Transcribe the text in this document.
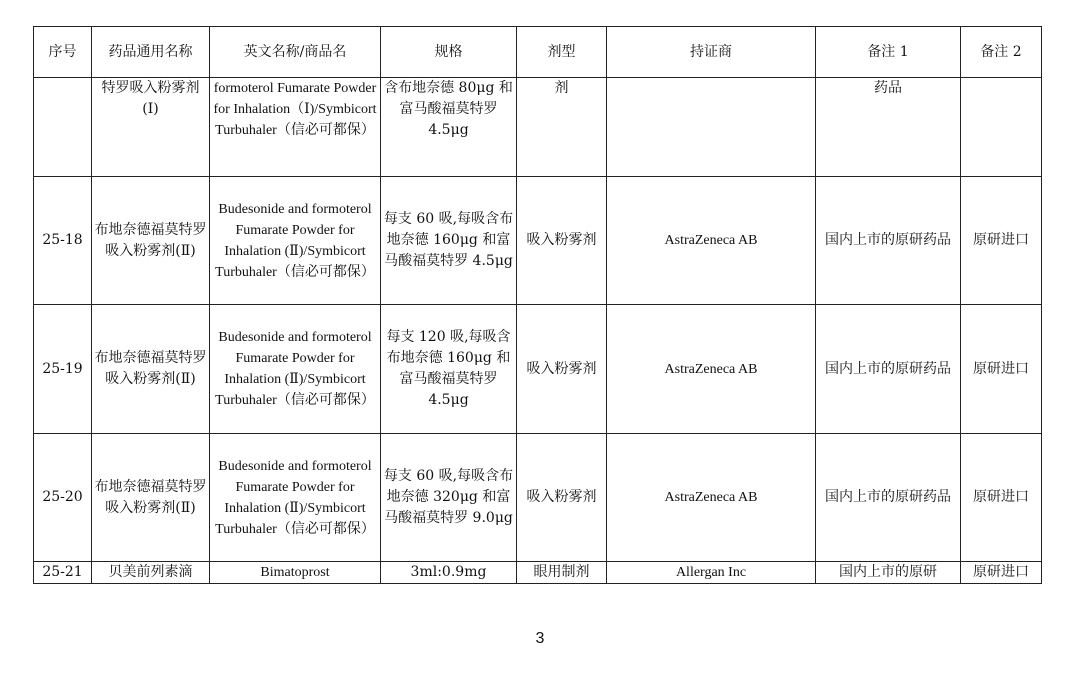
序号	药品通用名称	英文名称/商品名	规格	剂型	持证商	备注 1	备注 2
	特罗吸入粉雾剂(Ⅰ)	formoterol Fumarate Powder for Inhalation（Ⅰ)/Symbicort Turbuhaler（信必可都保）	含布地奈德 80μg 和富马酸福莫特罗 4.5μg	剂		药品	
25-18	布地奈德福莫特罗吸入粉雾剂(Ⅱ)	Budesonide and formoterol Fumarate Powder for Inhalation (Ⅱ)/Symbicort Turbuhaler（信必可都保）	每支 60 吸,每吸含布地奈德 160μg 和富马酸福莫特罗 4.5μg	吸入粉雾剂	AstraZeneca AB	国内上市的原研药品	原研进口
25-19	布地奈德福莫特罗吸入粉雾剂(Ⅱ)	Budesonide and formoterol Fumarate Powder for Inhalation (Ⅱ)/Symbicort Turbuhaler（信必可都保）	每支 120 吸,每吸含布地奈德 160μg 和富马酸福莫特罗 4.5μg	吸入粉雾剂	AstraZeneca AB	国内上市的原研药品	原研进口
25-20	布地奈德福莫特罗吸入粉雾剂(Ⅱ)	Budesonide and formoterol Fumarate Powder for Inhalation (Ⅱ)/Symbicort Turbuhaler（信必可都保）	每支 60 吸,每吸含布地奈德 320μg 和富马酸福莫特罗 9.0μg	吸入粉雾剂	AstraZeneca AB	国内上市的原研药品	原研进口
25-21	贝美前列素滴	Bimatoprost	3ml:0.9mg	眼用制剂	Allergan Inc	国内上市的原研	原研进口
3
